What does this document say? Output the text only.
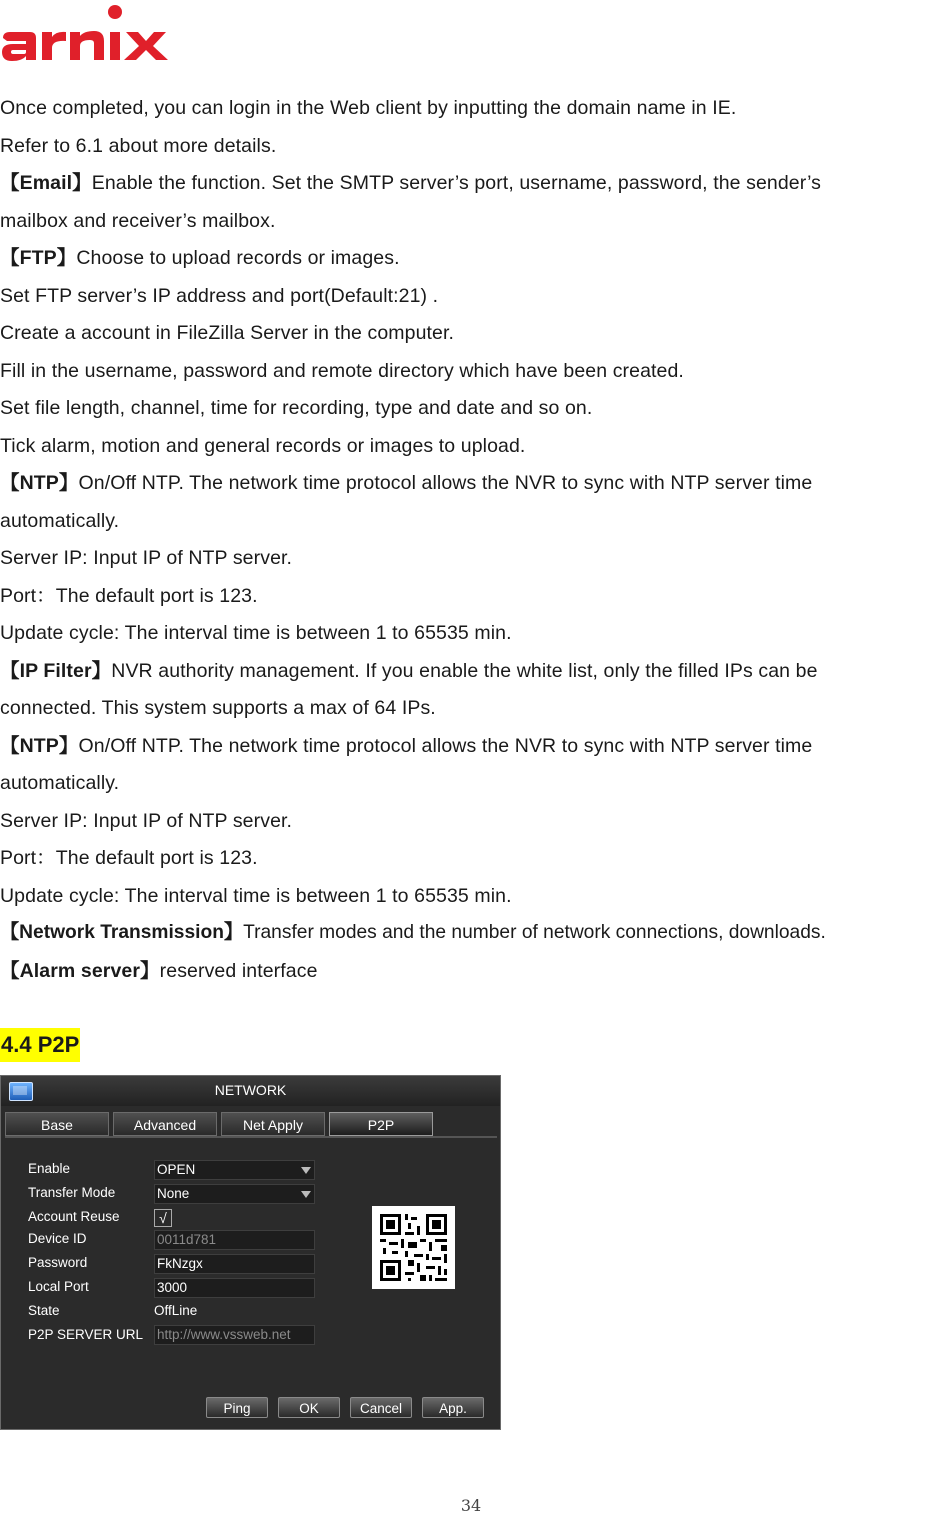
Once completed, you can login in the Web client by inputting the domain name in IE.
Refer to 6.1 about more details.
【Email】Enable the function. Set the SMTP server’s port, username, password, the sender’s
mailbox and receiver’s mailbox.
【FTP】Choose to upload records or images.
Set FTP server’s IP address and port(Default:21) .
Create a account in FileZilla Server in the computer.
Fill in the username, password and remote directory which have been created.
Set file length, channel, time for recording, type and date and so on.
Tick alarm, motion and general records or images to upload.
【NTP】On/Off NTP. The network time protocol allows the NVR to sync with NTP server time
automatically.
Server IP: Input IP of NTP server.
Port：The default port is 123.
Update cycle: The interval time is between 1 to 65535 min.
【IP Filter】NVR authority management. If you enable the white list, only the filled IPs can be
connected. This system supports a max of 64 IPs.
【NTP】On/Off NTP. The network time protocol allows the NVR to sync with NTP server time
automatically.
Server IP: Input IP of NTP server.
Port：The default port is 123.
Update cycle: The interval time is between 1 to 65535 min.
【Network Transmission】Transfer modes and the number of network connections, downloads.
【Alarm server】reserved interface
4.4 P2P
NETWORK
Base	Advanced	Net Apply	P2P
Enable	OPEN
Transfer Mode	None
Account Reuse	√
Device ID	0011d781
Password	FkNzgx
Local Port	3000
State	OffLine
P2P SERVER URL http://www.vssweb.net
Ping	OK	Cancel	App.
34
